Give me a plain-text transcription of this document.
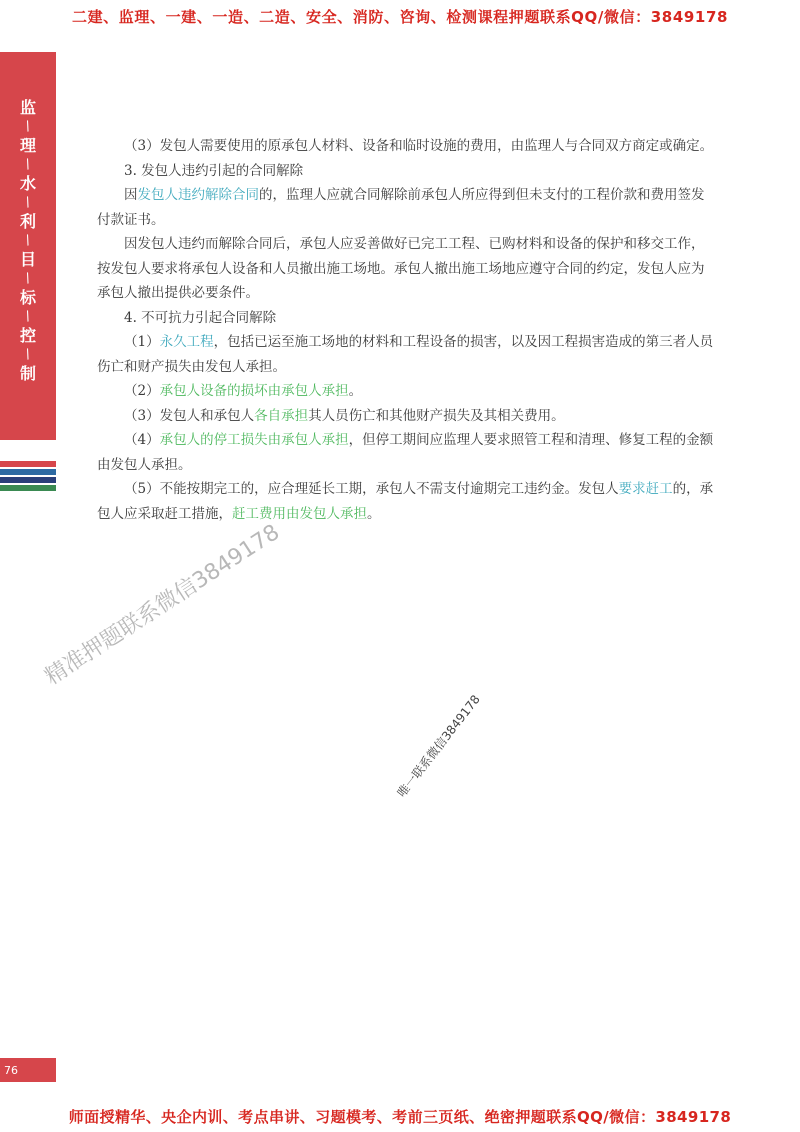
二建、监理、一建、一造、二造、安全、消防、咨询、检测课程押题联系QQ/微信：3849178
监
/
理
/
水
/
利
/
目
/
标
/
控
/
制

（3）发包人需要使用的原承包人材料、设备和临时设施的费用，由监理人与合同双方商定或确定。

3. 发包人违约引起的合同解除

因发包人违约解除合同的，监理人应就合同解除前承包人所应得到但未支付的工程价款和费用签发付款证书。

因发包人违约而解除合同后，承包人应妥善做好已完工工程、已购材料和设备的保护和移交工作，按发包人要求将承包人设备和人员撤出施工场地。承包人撤出施工场地应遵守合同的约定，发包人应为承包人撤出提供必要条件。

4. 不可抗力引起合同解除

（1）永久工程，包括已运至施工场地的材料和工程设备的损害，以及因工程损害造成的第三者人员伤亡和财产损失由发包人承担。

（2）承包人设备的损坏由承包人承担。

（3）发包人和承包人各自承担其人员伤亡和其他财产损失及其相关费用。

（4）承包人的停工损失由承包人承担，但停工期间应监理人要求照管工程和清理、修复工程的金额由发包人承担。

（5）不能按期完工的，应合理延长工期，承包人不需支付逾期完工违约金。发包人要求赶工的，承包人应采取赶工措施，赶工费用由发包人承担。

精准押题联系微信3849178
唯一联系微信3849178
76
师面授精华、央企内训、考点串讲、习题模考、考前三页纸、绝密押题联系QQ/微信：3849178
